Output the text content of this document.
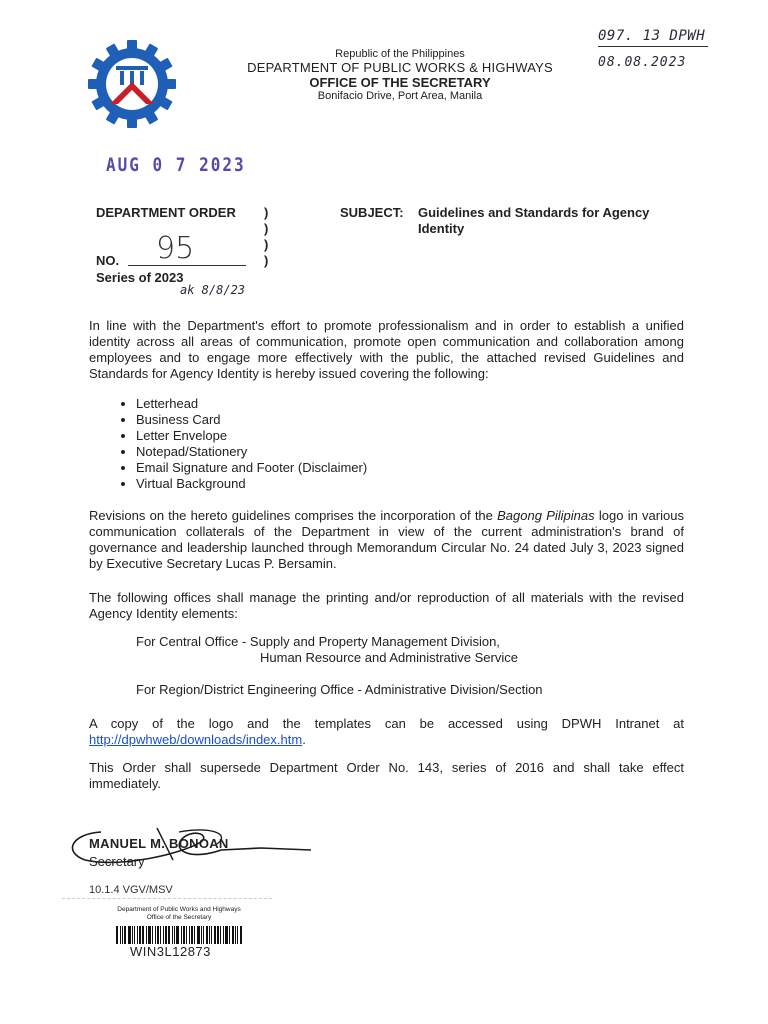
Republic of the Philippines
DEPARTMENT OF PUBLIC WORKS & HIGHWAYS
OFFICE OF THE SECRETARY
Bonifacio Drive, Port Area, Manila
097. 13 DPWH
08.08.2023
AUG 0 7 2023
DEPARTMENT ORDER	)
)
)
)
NO. 95
Series of 2023
ak 8/8/23
SUBJECT: Guidelines and Standards for Agency Identity
In line with the Department's effort to promote professionalism and in order to establish a unified identity across all areas of communication, promote open communication and collaboration among employees and to engage more effectively with the public, the attached revised Guidelines and Standards for Agency Identity is hereby issued covering the following:
• Letterhead
• Business Card
• Letter Envelope
• Notepad/Stationery
• Email Signature and Footer (Disclaimer)
• Virtual Background
Revisions on the hereto guidelines comprises the incorporation of the Bagong Pilipinas logo in various communication collaterals of the Department in view of the current administration's brand of governance and leadership launched through Memorandum Circular No. 24 dated July 3, 2023 signed by Executive Secretary Lucas P. Bersamin.
The following offices shall manage the printing and/or reproduction of all materials with the revised Agency Identity elements:
For Central Office - Supply and Property Management Division,
Human Resource and Administrative Service
For Region/District Engineering Office - Administrative Division/Section
A copy of the logo and the templates can be accessed using DPWH Intranet at http://dpwhweb/downloads/index.htm.
This Order shall supersede Department Order No. 143, series of 2016 and shall take effect immediately.
MANUEL M. BONOAN
Secretary
10.1.4 VGV/MSV
Department of Public Works and Highways
Office of the Secretary
WIN3L12873
